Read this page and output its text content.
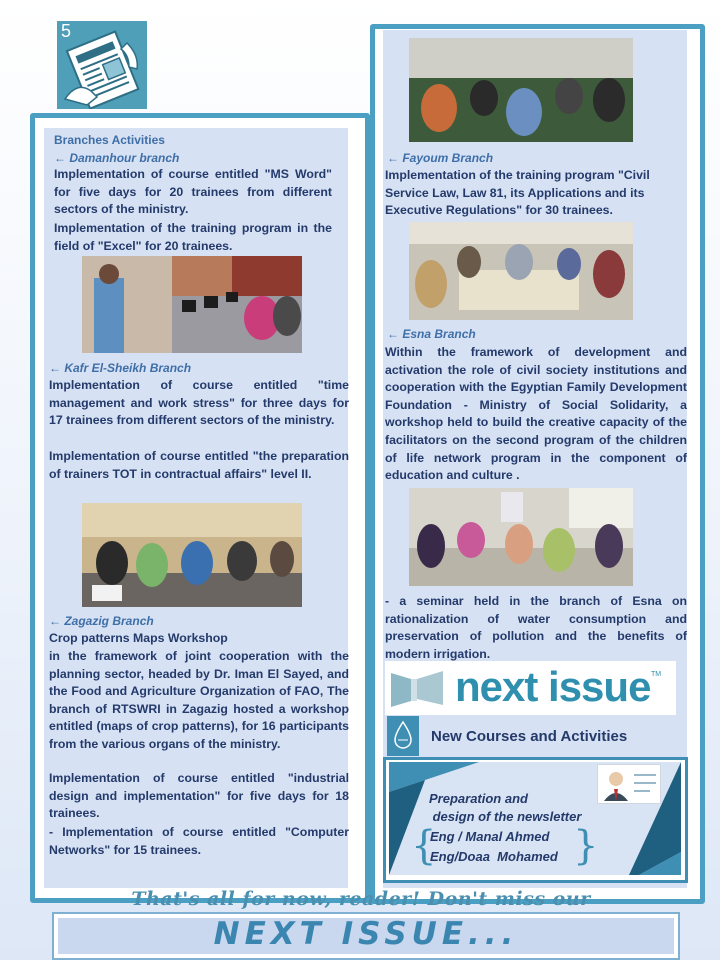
5
Branches Activities
← Damanhour branch
Implementation of course entitled "MS Word" for five days for 20 trainees from different sectors of the ministry.
Implementation of the training program in the field of "Excel" for 20 trainees.
← Kafr El-Sheikh Branch
Implementation of course entitled "time management and work stress" for three days for 17 trainees from different sectors of the ministry.
Implementation of course entitled "the preparation of trainers TOT in contractual affairs" level II.
← Zagazig Branch
Crop patterns Maps Workshop
in the framework of joint cooperation with the planning sector, headed by Dr. Iman El Sayed, and the Food and Agriculture Organization of FAO, The branch of RTSWRI in Zagazig hosted a workshop entitled (maps of crop patterns), for 16 participants from the various organs of the ministry.
Implementation of course entitled "industrial design and implementation" for five days for 18 trainees.
- Implementation of course entitled "Computer Networks" for 15 trainees.
← Fayoum Branch
Implementation of the training program "Civil Service Law, Law 81, its Applications and its Executive Regulations" for 30 trainees.
← Esna Branch
Within the framework of development and activation the role of civil society institutions and cooperation with the Egyptian Family Development Foundation - Ministry of Social Solidarity, a workshop held to build the creative capacity of the facilitators on the second program of the children of life network program in the component of education and culture .
- a seminar held in the branch of Esna on rationalization of water consumption and preservation of pollution and the benefits of modern irrigation.
next issue TM
New Courses and Activities
Preparation and
design of the newsletter
{
Eng / Manal Ahmed
Eng/Doaa  Mohamed }
That's all for now, reader! Don't miss our
NEXT ISSUE...
